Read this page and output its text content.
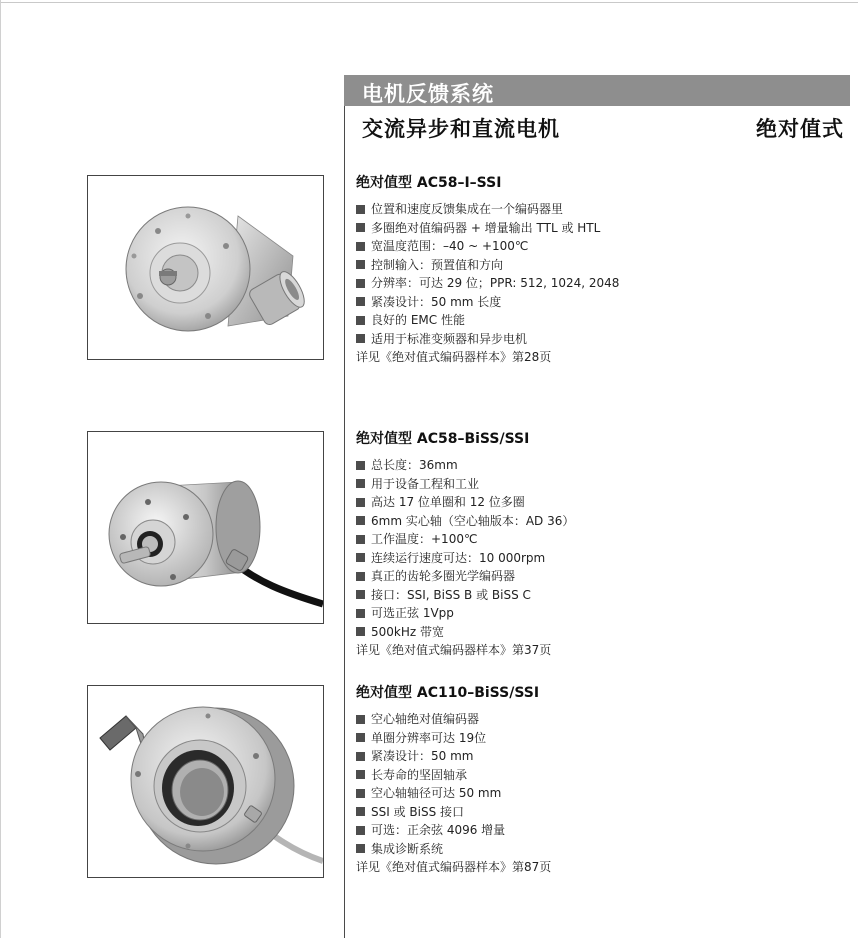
电机反馈系统
交流异步和直流电机	绝对值式
绝对值型 AC58–I–SSI
位置和速度反馈集成在一个编码器里
多圈绝对值编码器 + 增量输出 TTL 或 HTL
宽温度范围：–40 ~ +100℃
控制输入：预置值和方向
分辨率：可达 29 位；PPR: 512, 1024, 2048
紧凑设计：50 mm 长度
良好的 EMC 性能
适用于标准变频器和异步电机
详见《绝对值式编码器样本》第28页
绝对值型 AC58–BiSS/SSI
总长度：36mm
用于设备工程和工业
高达 17 位单圈和 12 位多圈
6mm 实心轴（空心轴版本：AD 36）
工作温度：+100℃
连续运行速度可达：10 000rpm
真正的齿轮多圈光学编码器
接口：SSI, BiSS B 或 BiSS C
可选正弦 1Vpp
500kHz 带宽
详见《绝对值式编码器样本》第37页
绝对值型 AC110–BiSS/SSI
空心轴绝对值编码器
单圈分辨率可达 19位
紧凑设计：50 mm
长寿命的坚固轴承
空心轴轴径可达 50 mm
SSI 或 BiSS 接口
可选：正余弦 4096 增量
集成诊断系统
详见《绝对值式编码器样本》第87页
